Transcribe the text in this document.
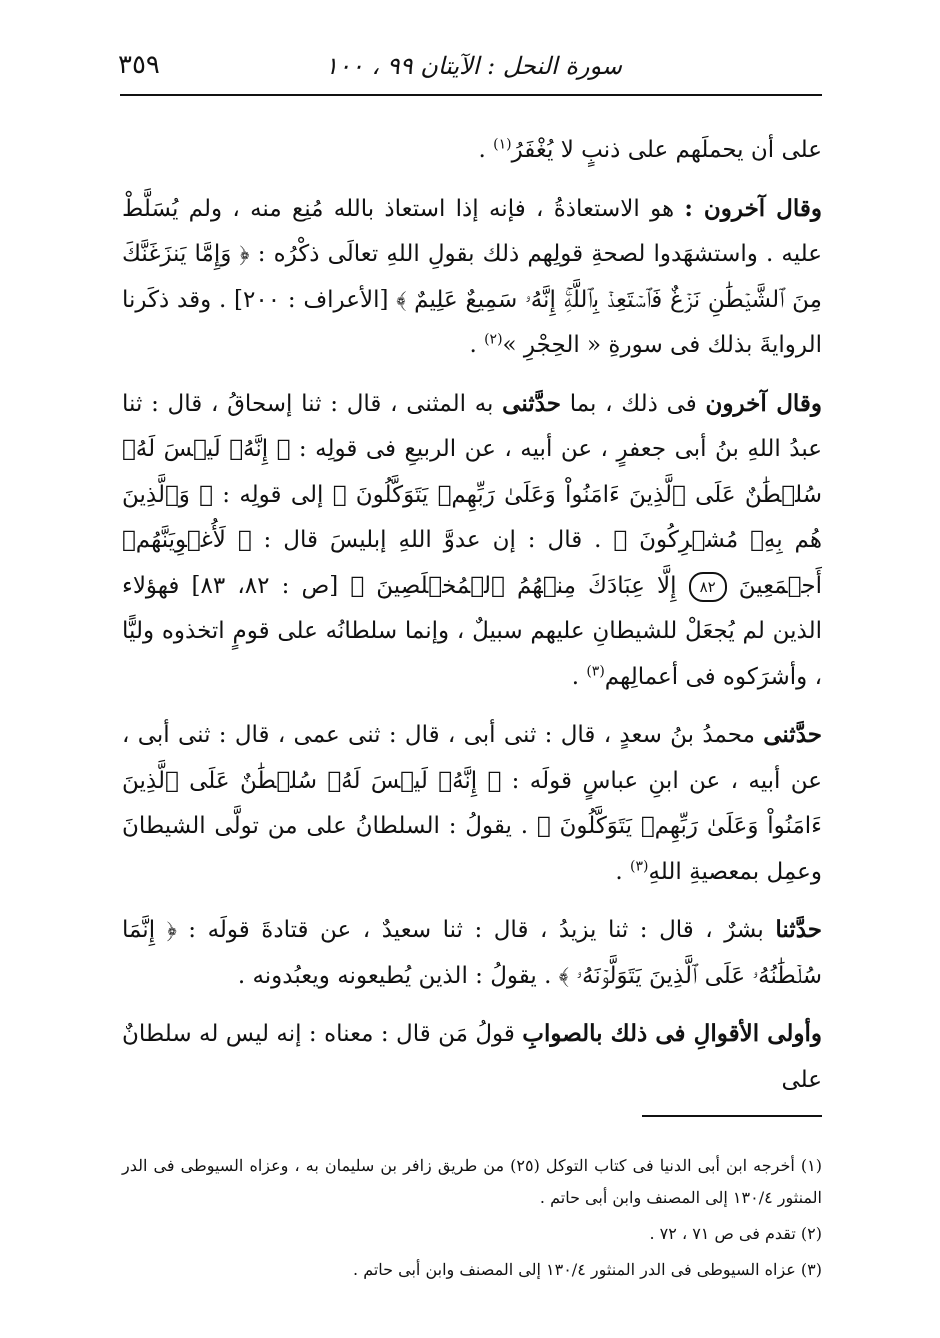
سورة النحل : الآيتان ٩٩ ، ١٠٠
٣٥٩

على أن يحملَهم على ذنبٍ لا يُغْفَرُ$^{(١)}$ .

وقال آخرون : هو الاستعاذةُ ، فإنه إذا استعاذ بالله مُنِع منه ، ولم يُسَلَّطْ عليه . واستشهَدوا لصحةِ قولِهم ذلك بقولِ اللهِ تعالَى ذكْرُه : ﴿ وَإِمَّا يَنزَغَنَّكَ مِنَ ٱلشَّيۡطَٰنِ نَزۡغٌ فَٱسۡتَعِذۡ بِٱللَّهِۚ إِنَّهُۥ سَمِيعٌ عَلِيمٌ ﴾ [الأعراف : ٢٠٠] . وقد ذكَرنا الروايةَ بذلك فى سورةِ « الحِجْرِ »$^{(٢)}$ .

وقال آخرون فى ذلك ، بما حدَّثنى به المثنى ، قال : ثنا إسحاقُ ، قال : ثنا عبدُ اللهِ بنُ أبى جعفرٍ ، عن أبيه ، عن الربيعِ فى قولِه : ﴿ إِنَّهُۥ لَيۡسَ لَهُۥ سُلۡطَٰنٌ عَلَى ٱلَّذِينَ ءَامَنُواْ وَعَلَىٰ رَبِّهِمۡ يَتَوَكَّلُونَ ﴾ إلى قولِه : ﴿ وَٱلَّذِينَ هُم بِهِۦ مُشۡرِكُونَ ﴾ . قال : إن عدوَّ اللهِ إبليسَ قال : ﴿ لَأُغۡوِيَنَّهُمۡ أَجۡمَعِينَ ٨٢ إِلَّا عِبَادَكَ مِنۡهُمُ ٱلۡمُخۡلَصِينَ ﴾ [ص : ٨٢، ٨٣] فهؤلاء الذين لم يُجعَلْ للشيطانِ عليهم سبيلٌ ، وإنما سلطانُه على قومٍ اتخذوه وليًّا ، وأشرَكوه فى أعمالِهم$^{(٣)}$ .

حدَّثنى محمدُ بنُ سعدٍ ، قال : ثنى أبى ، قال : ثنى عمى ، قال : ثنى أبى ، عن أبيه ، عن ابنِ عباسٍ قولَه : ﴿ إِنَّهُۥ لَيۡسَ لَهُۥ سُلۡطَٰنٌ عَلَى ٱلَّذِينَ ءَامَنُواْ وَعَلَىٰ رَبِّهِمۡ يَتَوَكَّلُونَ ﴾ . يقولُ : السلطانُ على من تولَّى الشيطانَ وعمِل بمعصيةِ اللهِ$^{(٣)}$ .

حدَّثنا بشرٌ ، قال : ثنا يزيدُ ، قال : ثنا سعيدٌ ، عن قتادةَ قولَه : ﴿ إِنَّمَا سُلۡطَٰنُهُۥ عَلَى ٱلَّذِينَ يَتَوَلَّوۡنَهُۥ ﴾ . يقولُ : الذين يُطيعونه ويعبُدونه .

وأولى الأقوالِ فى ذلك بالصوابِ قولُ مَن قال : معناه : إنه ليس له سلطانٌ على

(١) أخرجه ابن أبى الدنيا فى كتاب التوكل (٢٥) من طريق زافر بن سليمان به ، وعزاه السيوطى فى الدر المنثور ١٣٠/٤ إلى المصنف وابن أبى حاتم .

(٢) تقدم فى ص ٧١ ، ٧٢ .

(٣) عزاه السيوطى فى الدر المنثور ١٣٠/٤ إلى المصنف وابن أبى حاتم .
